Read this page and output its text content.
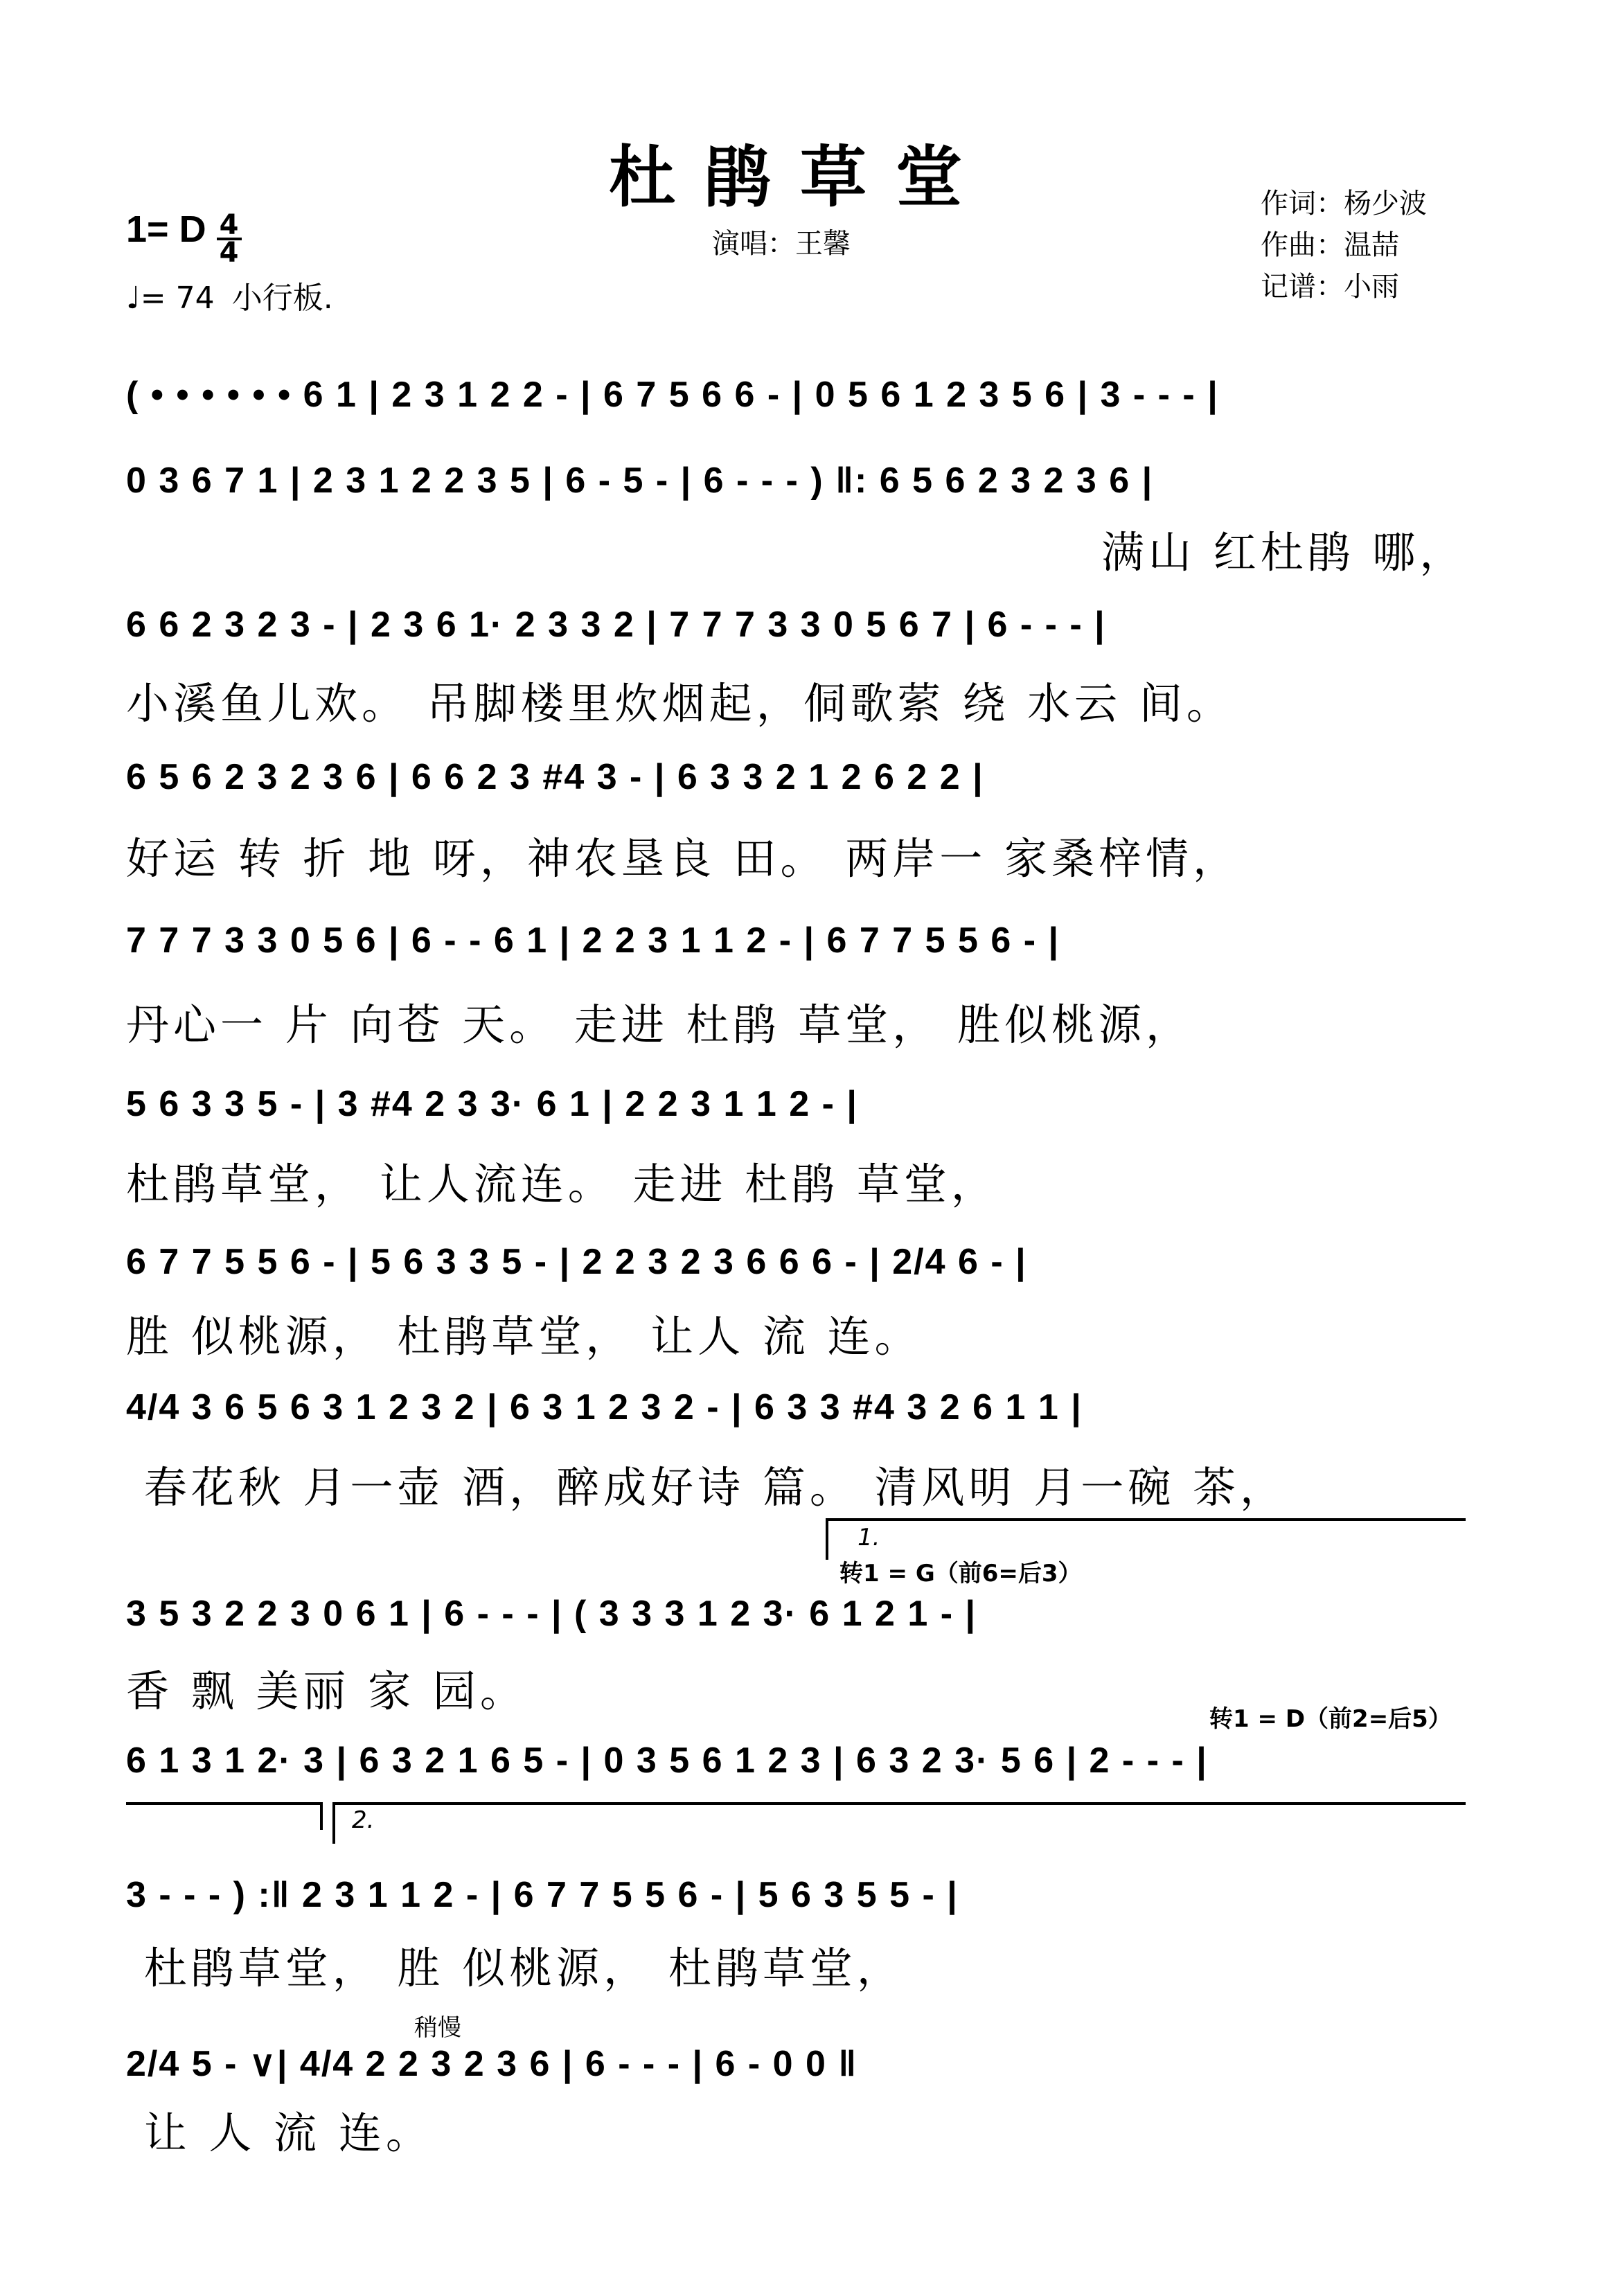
杜鹃草堂
演唱：王馨
作词：杨少波
作曲：温喆
记谱：小雨
1= D $\frac{4}{4}$
♩= 74 小行板.
( • • • • • • 6 1 | 2 3 1 2 2 - | 6 7 5 6 6 - | 0 5 6 1 2 3 5 6 | 3 - - - |
0 3 6 7 1 | 2 3 1 2 2 3 5 | 6 - 5 - | 6 - - - ) ‖: 6 5 6 2 3 2 3 6 |
满山 红杜鹃 哪，
6 6 2 3 2 3 - | 2 3 6 1· 2 3 3 2 | 7 7 7 3 3 0 5 6 7 | 6 - - - |
小溪鱼儿欢。 吊脚楼里炊烟起，侗歌萦 绕 水云 间。
6 5 6 2 3 2 3 6 | 6 6 2 3 #4 3 - | 6 3 3 2 1 2 6 2 2 |
好运 转 折 地 呀，神农垦良 田。 两岸一 家桑梓情，
7 7 7 3 3 0 5 6 | 6 - - 6 1 | 2 2 3 1 1 2 - | 6 7 7 5 5 6 - |
丹心一 片 向苍 天。 走进 杜鹃 草堂， 胜似桃源，
5 6 3 3 5 - | 3 #4 2 3 3· 6 1 | 2 2 3 1 1 2 - |
杜鹃草堂， 让人流连。 走进 杜鹃 草堂，
6 7 7 5 5 6 - | 5 6 3 3 5 - | 2 2 3 2 3 6 6 6 - | 2/4 6 - |
胜 似桃源， 杜鹃草堂， 让人 流 连。
4/4 3 6 5 6 3 1 2 3 2 | 6 3 1 2 3 2 - | 6 3 3 #4 3 2 6 1 1 |
春花秋 月一壶 酒，醉成好诗 篇。 清风明 月一碗 茶，
1.
转1 = G（前6=后3）
3 5 3 2 2 3 0 6 1 | 6 - - - | ( 3 3 3 1 2 3· 6 1 2 1 - |
香 飘 美丽 家 园。
转1 = D（前2=后5）
6 1 3 1 2· 3 | 6 3 2 1 6 5 - | 0 3 5 6 1 2 3 | 6 3 2 3· 5 6 | 2 - - - |
2.
3 - - - ) :‖ 2 3 1 1 2 - | 6 7 7 5 5 6 - | 5 6 3 5 5 - |
杜鹃草堂， 胜 似桃源， 杜鹃草堂，
稍慢
2/4 5 - ∨| 4/4 2 2 3 2 3 6 | 6 - - - | 6 - 0 0 ‖
让 人 流 连。
